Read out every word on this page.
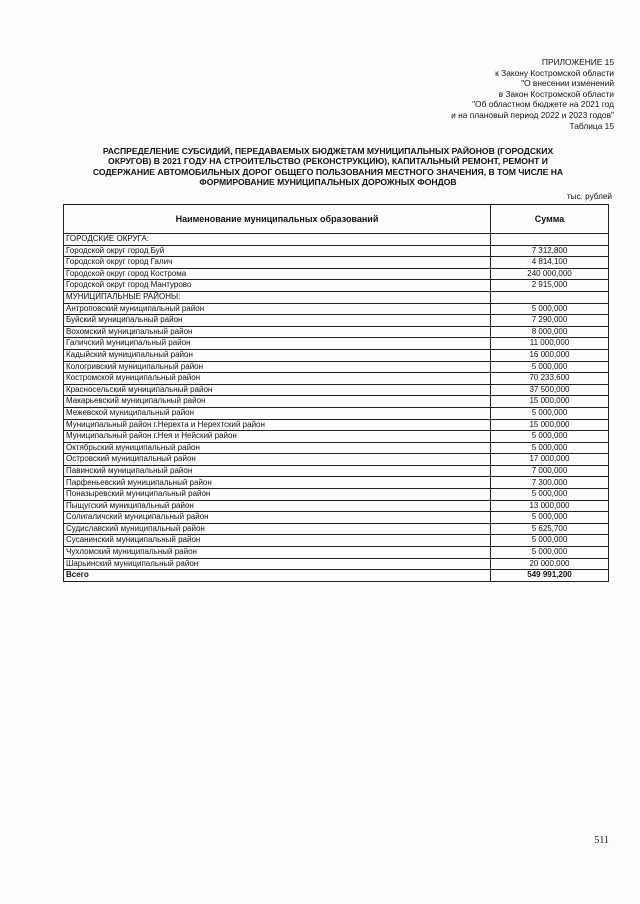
ПРИЛОЖЕНИЕ 15
к Закону Костромской области
"О внесении изменений
в Закон Костромской области
"Об областном бюджете на 2021 год
и на плановый период 2022 и 2023 годов"
Таблица 15
РАСПРЕДЕЛЕНИЕ СУБСИДИЙ, ПЕРЕДАВАЕМЫХ БЮДЖЕТАМ МУНИЦИПАЛЬНЫХ РАЙОНОВ (ГОРОДСКИХ
ОКРУГОВ) В 2021 ГОДУ НА СТРОИТЕЛЬСТВО (РЕКОНСТРУКЦИЮ), КАПИТАЛЬНЫЙ РЕМОНТ, РЕМОНТ И
СОДЕРЖАНИЕ АВТОМОБИЛЬНЫХ ДОРОГ ОБЩЕГО ПОЛЬЗОВАНИЯ МЕСТНОГО ЗНАЧЕНИЯ, В ТОМ ЧИСЛЕ НА
ФОРМИРОВАНИЕ МУНИЦИПАЛЬНЫХ ДОРОЖНЫХ ФОНДОВ
тыс. рублей
Наименование муниципальных образований	Сумма
ГОРОДСКИЕ ОКРУГА:	
Городской округ город Буй	7 312,800
Городской округ город Галич	4 814,100
Городской округ город Кострома	240 000,000
Городской округ город Мантурово	2 915,000
МУНИЦИПАЛЬНЫЕ РАЙОНЫ:	
Антроповский муниципальный район	5 000,000
Буйский муниципальный район	7 290,000
Вохомский муниципальный район	8 000,000
Галичский муниципальный район	11 000,000
Кадыйский муниципальный район	16 000,000
Кологривский муниципальный район	5 000,000
Костромской муниципальный район	70 233,600
Красносельский муниципальный район	37 500,000
Макарьевский муниципальный район	15 000,000
Межевской муниципальный район	5 000,000
Муниципальный район г.Нерехта и Нерехтский район	15 000,000
Муниципальный район г.Нея и Нейский район	5 000,000
Октябрьский муниципальный район	5 000,000
Островский муниципальный район	17 000,000
Павинский муниципальный район	7 000,000
Парфеньевский муниципальный район	7 300,000
Поназыревский муниципальный район	5 000,000
Пыщугский муниципальный район	13 000,000
Солигаличский муниципальный район	5 000,000
Судиславский муниципальный район	5 625,700
Сусанинский муниципальный район	5 000,000
Чухломский муниципальный район	5 000,000
Шарьинский муниципальный район	20 000,000
Всего	549 991,200
511
